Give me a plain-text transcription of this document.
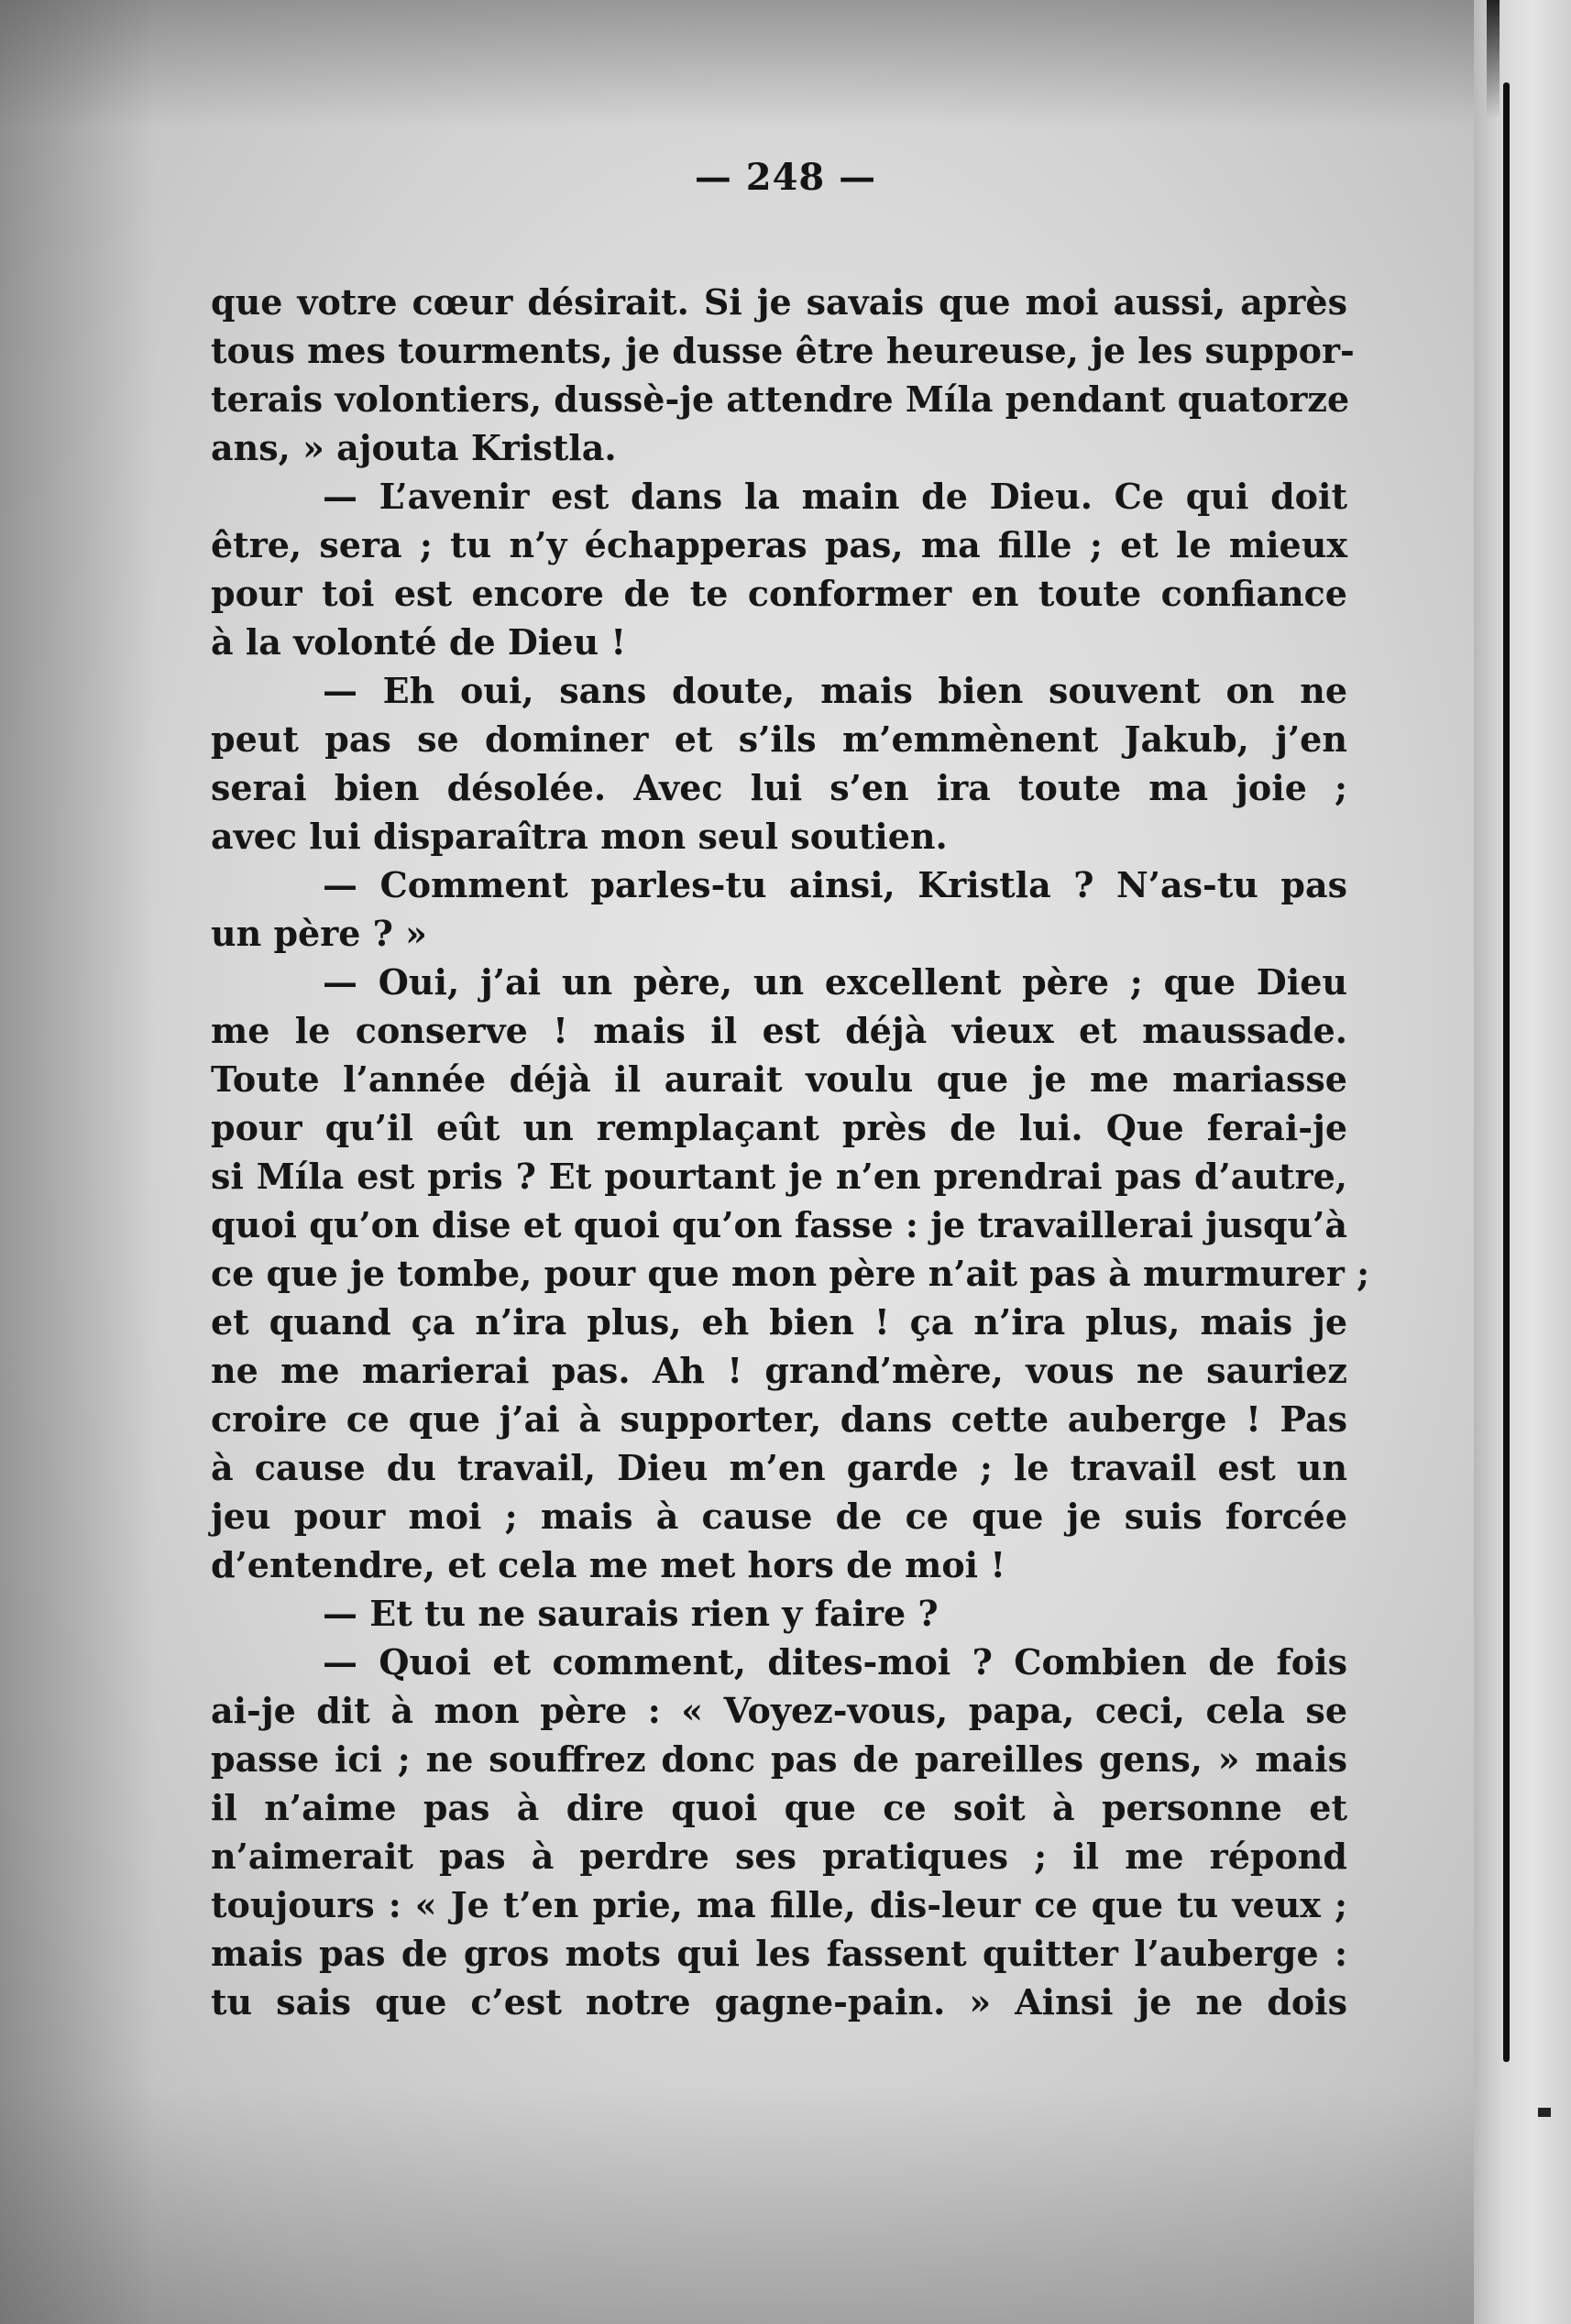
— 248 —
que votre cœur désirait. Si je savais que moi aussi, après
tous mes tourments, je dusse être heureuse, je les suppor-
terais volontiers, dussè-je attendre Míla pendant quatorze
ans, » ajouta Kristla.
— L’avenir est dans la main de Dieu. Ce qui doit
être, sera ; tu n’y échapperas pas, ma fille ; et le mieux
pour toi est encore de te conformer en toute confiance
à la volonté de Dieu !
— Eh oui, sans doute, mais bien souvent on ne
peut pas se dominer et s’ils m’emmènent Jakub, j’en
serai bien désolée. Avec lui s’en ira toute ma joie ;
avec lui disparaîtra mon seul soutien.
— Comment parles-tu ainsi, Kristla ? N’as-tu pas
un père ? »
— Oui, j’ai un père, un excellent père ; que Dieu
me le conserve ! mais il est déjà vieux et maussade.
Toute l’année déjà il aurait voulu que je me mariasse
pour qu’il eût un remplaçant près de lui. Que ferai-je
si Míla est pris ? Et pourtant je n’en prendrai pas d’autre,
quoi qu’on dise et quoi qu’on fasse : je travaillerai jusqu’à
ce que je tombe, pour que mon père n’ait pas à murmurer ;
et quand ça n’ira plus, eh bien ! ça n’ira plus, mais je
ne me marierai pas. Ah ! grand’mère, vous ne sauriez
croire ce que j’ai à supporter, dans cette auberge ! Pas
à cause du travail, Dieu m’en garde ; le travail est un
jeu pour moi ; mais à cause de ce que je suis forcée
d’entendre, et cela me met hors de moi !
— Et tu ne saurais rien y faire ?
— Quoi et comment, dites-moi ? Combien de fois
ai-je dit à mon père : « Voyez-vous, papa, ceci, cela se
passe ici ; ne souffrez donc pas de pareilles gens, » mais
il n’aime pas à dire quoi que ce soit à personne et
n’aimerait pas à perdre ses pratiques ; il me répond
toujours : « Je t’en prie, ma fille, dis-leur ce que tu veux ;
mais pas de gros mots qui les fassent quitter l’auberge :
tu sais que c’est notre gagne-pain. » Ainsi je ne dois
